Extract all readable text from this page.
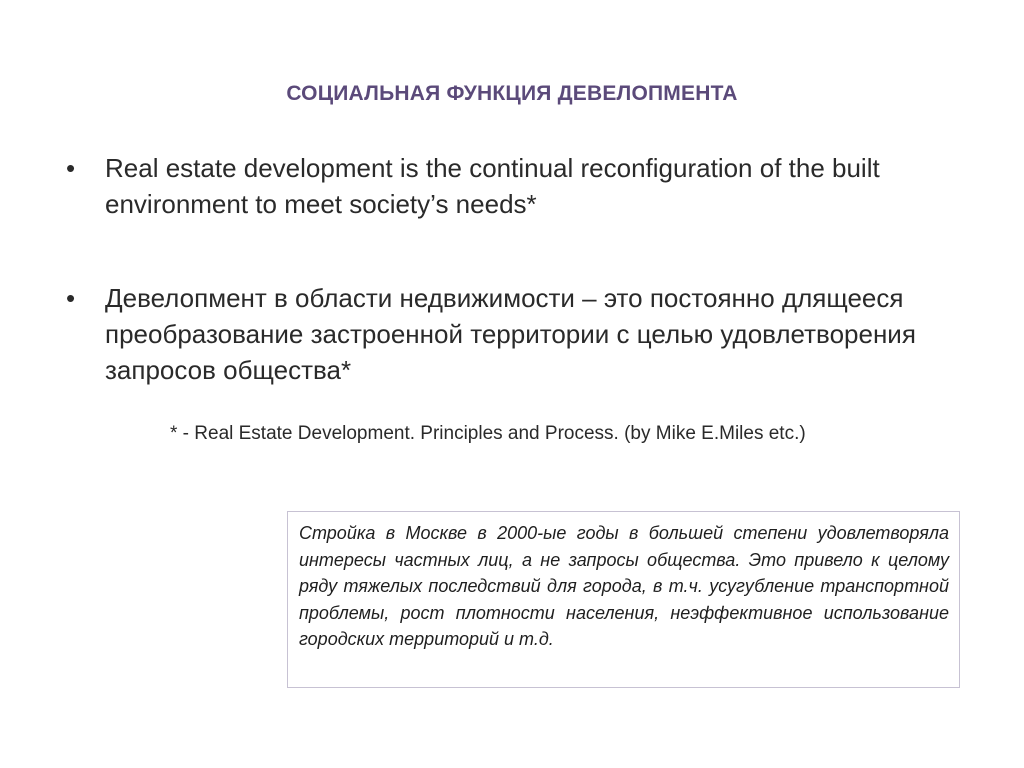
СОЦИАЛЬНАЯ ФУНКЦИЯ ДЕВЕЛОПМЕНТА
• Real estate development is the continual reconfiguration of the built environment to meet society’s needs*
• Девелопмент в области недвижимости – это постоянно длящееся преобразование застроенной территории с целью удовлетворения запросов общества*
* - Real Estate Development. Principles and Process. (by Mike E.Miles etc.)

Стройка в Москве в 2000-ые годы в большей степени удовлетворяла интересы частных лиц, а не запросы общества. Это привело к целому ряду тяжелых последствий для города, в т.ч. усугубление транспортной проблемы, рост плотности населения, неэффективное использование городских территорий и т.д.
